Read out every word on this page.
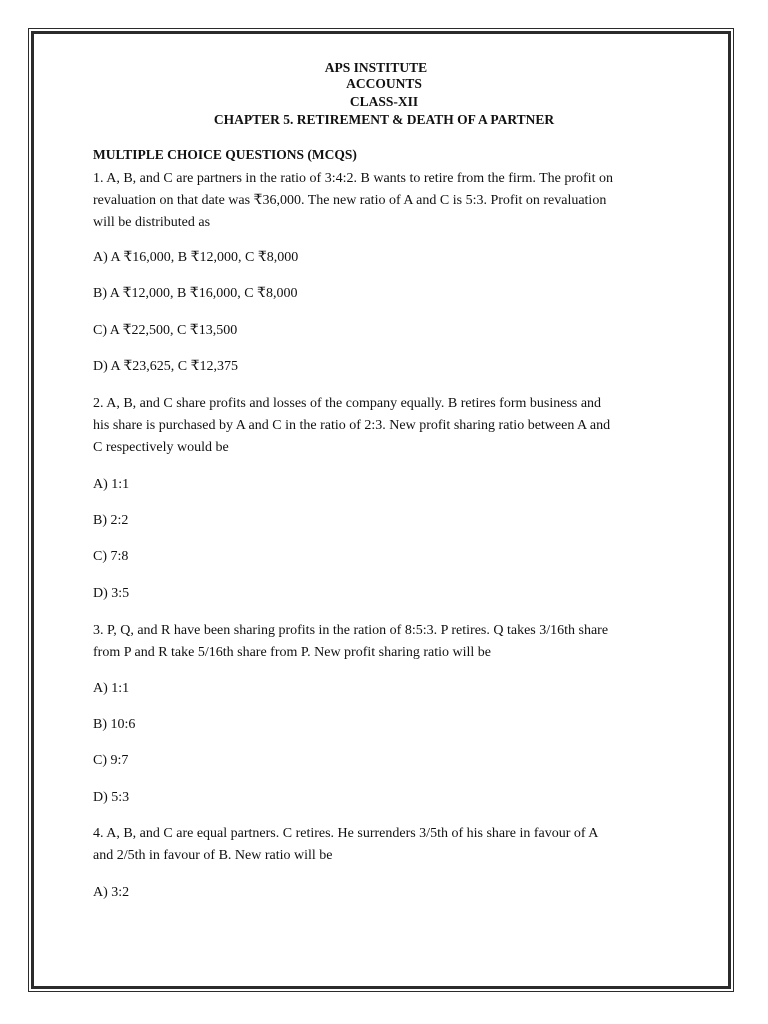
APS INSTITUTE
ACCOUNTS
CLASS-XII
CHAPTER 5. RETIREMENT & DEATH OF A PARTNER
MULTIPLE CHOICE QUESTIONS (MCQS)
1. A, B, and C are partners in the ratio of 3:4:2. B wants to retire from the firm. The profit on
revaluation on that date was ₹36,000. The new ratio of A and C is 5:3. Profit on revaluation
will be distributed as
A) A ₹16,000, B ₹12,000, C ₹8,000
B) A ₹12,000, B ₹16,000, C ₹8,000
C) A ₹22,500, C ₹13,500
D) A ₹23,625, C ₹12,375
2. A, B, and C share profits and losses of the company equally. B retires form business and
his share is purchased by A and C in the ratio of 2:3. New profit sharing ratio between A and
C respectively would be
A) 1:1
B) 2:2
C) 7:8
D) 3:5
3. P, Q, and R have been sharing profits in the ration of 8:5:3. P retires. Q takes 3/16th share
from P and R take 5/16th share from P. New profit sharing ratio will be
A) 1:1
B) 10:6
C) 9:7
D) 5:3
4. A, B, and C are equal partners. C retires. He surrenders 3/5th of his share in favour of A
and 2/5th in favour of B. New ratio will be
A) 3:2
